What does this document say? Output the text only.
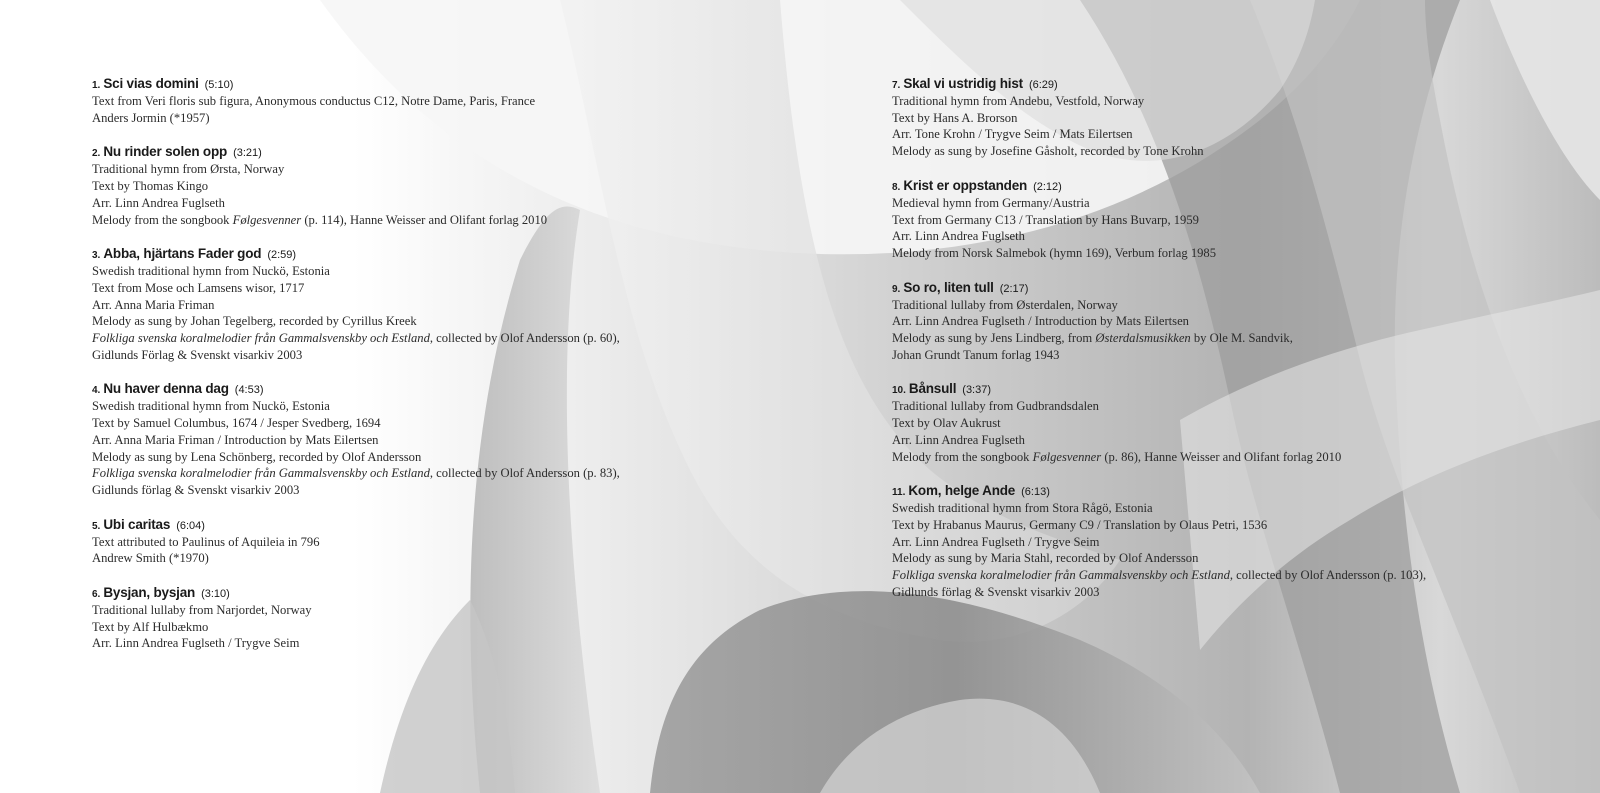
1. Sci vias domini (5:10)
Text from Veri floris sub figura, Anonymous conductus C12, Notre Dame, Paris, France
Anders Jormin (*1957)
2. Nu rinder solen opp (3:21)
Traditional hymn from Ørsta, Norway
Text by Thomas Kingo
Arr. Linn Andrea Fuglseth
Melody from the songbook Følgesvenner (p. 114), Hanne Weisser and Olifant forlag 2010
3. Abba, hjärtans Fader god (2:59)
Swedish traditional hymn from Nuckö, Estonia
Text from Mose och Lamsens wisor, 1717
Arr. Anna Maria Friman
Melody as sung by Johan Tegelberg, recorded by Cyrillus Kreek
Folkliga svenska koralmelodier från Gammalsvenskby och Estland, collected by Olof Andersson (p. 60),
Gidlunds Förlag & Svenskt visarkiv 2003
4. Nu haver denna dag (4:53)
Swedish traditional hymn from Nuckö, Estonia
Text by Samuel Columbus, 1674 / Jesper Svedberg, 1694
Arr. Anna Maria Friman / Introduction by Mats Eilertsen
Melody as sung by Lena Schönberg, recorded by Olof Andersson
Folkliga svenska koralmelodier från Gammalsvenskby och Estland, collected by Olof Andersson (p. 83),
Gidlunds förlag & Svenskt visarkiv 2003
5. Ubi caritas (6:04)
Text attributed to Paulinus of Aquileia in 796
Andrew Smith (*1970)
6. Bysjan, bysjan (3:10)
Traditional lullaby from Narjordet, Norway
Text by Alf Hulbækmo
Arr. Linn Andrea Fuglseth / Trygve Seim
7. Skal vi ustridig hist (6:29)
Traditional hymn from Andebu, Vestfold, Norway
Text by Hans A. Brorson
Arr. Tone Krohn / Trygve Seim / Mats Eilertsen
Melody as sung by Josefine Gåsholt, recorded by Tone Krohn
8. Krist er oppstanden (2:12)
Medieval hymn from Germany/Austria
Text from Germany C13 / Translation by Hans Buvarp, 1959
Arr. Linn Andrea Fuglseth
Melody from Norsk Salmebok (hymn 169), Verbum forlag 1985
9. So ro, liten tull (2:17)
Traditional lullaby from Østerdalen, Norway
Arr. Linn Andrea Fuglseth / Introduction by Mats Eilertsen
Melody as sung by Jens Lindberg, from Østerdalsmusikken by Ole M. Sandvik,
Johan Grundt Tanum forlag 1943
10. Bånsull (3:37)
Traditional lullaby from Gudbrandsdalen
Text by Olav Aukrust
Arr. Linn Andrea Fuglseth
Melody from the songbook Følgesvenner (p. 86), Hanne Weisser and Olifant forlag 2010
11. Kom, helge Ande (6:13)
Swedish traditional hymn from Stora Rågö, Estonia
Text by Hrabanus Maurus, Germany C9 / Translation by Olaus Petri, 1536
Arr. Linn Andrea Fuglseth / Trygve Seim
Melody as sung by Maria Stahl, recorded by Olof Andersson
Folkliga svenska koralmelodier från Gammalsvenskby och Estland, collected by Olof Andersson (p. 103),
Gidlunds förlag & Svenskt visarkiv 2003
